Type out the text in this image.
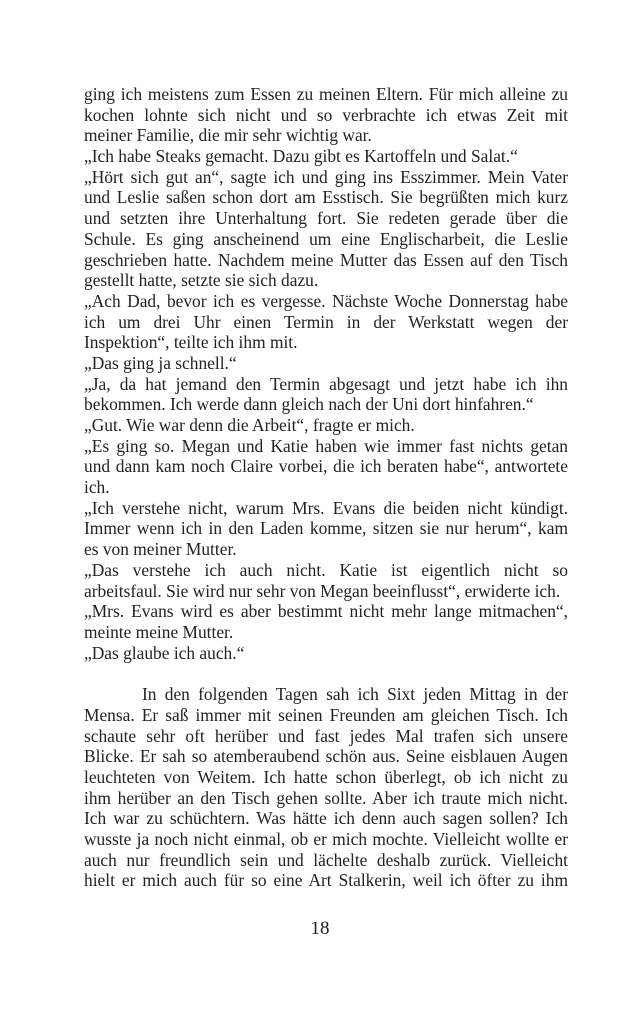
ging ich meistens zum Essen zu meinen Eltern. Für mich alleine zu
kochen lohnte sich nicht und so verbrachte ich etwas Zeit mit
meiner Familie, die mir sehr wichtig war.
„Ich habe Steaks gemacht. Dazu gibt es Kartoffeln und Salat.“
„Hört sich gut an“, sagte ich und ging ins Esszimmer. Mein Vater
und Leslie saßen schon dort am Esstisch. Sie begrüßten mich kurz
und setzten ihre Unterhaltung fort. Sie redeten gerade über die
Schule. Es ging anscheinend um eine Englischarbeit, die Leslie
geschrieben hatte. Nachdem meine Mutter das Essen auf den Tisch
gestellt hatte, setzte sie sich dazu.
„Ach Dad, bevor ich es vergesse. Nächste Woche Donnerstag habe
ich um drei Uhr einen Termin in der Werkstatt wegen der
Inspektion“, teilte ich ihm mit.
„Das ging ja schnell.“
„Ja, da hat jemand den Termin abgesagt und jetzt habe ich ihn
bekommen. Ich werde dann gleich nach der Uni dort hinfahren.“
„Gut. Wie war denn die Arbeit“, fragte er mich.
„Es ging so. Megan und Katie haben wie immer fast nichts getan
und dann kam noch Claire vorbei, die ich beraten habe“, antwortete
ich.
„Ich verstehe nicht, warum Mrs. Evans die beiden nicht kündigt.
Immer wenn ich in den Laden komme, sitzen sie nur herum“, kam
es von meiner Mutter.
„Das verstehe ich auch nicht. Katie ist eigentlich nicht so
arbeitsfaul. Sie wird nur sehr von Megan beeinflusst“, erwiderte ich.
„Mrs. Evans wird es aber bestimmt nicht mehr lange mitmachen“,
meinte meine Mutter.
„Das glaube ich auch.“
In den folgenden Tagen sah ich Sixt jeden Mittag in der
Mensa. Er saß immer mit seinen Freunden am gleichen Tisch. Ich
schaute sehr oft herüber und fast jedes Mal trafen sich unsere
Blicke. Er sah so atemberaubend schön aus. Seine eisblauen Augen
leuchteten von Weitem. Ich hatte schon überlegt, ob ich nicht zu
ihm herüber an den Tisch gehen sollte. Aber ich traute mich nicht.
Ich war zu schüchtern. Was hätte ich denn auch sagen sollen? Ich
wusste ja noch nicht einmal, ob er mich mochte. Vielleicht wollte er
auch nur freundlich sein und lächelte deshalb zurück. Vielleicht
hielt er mich auch für so eine Art Stalkerin, weil ich öfter zu ihm
18
